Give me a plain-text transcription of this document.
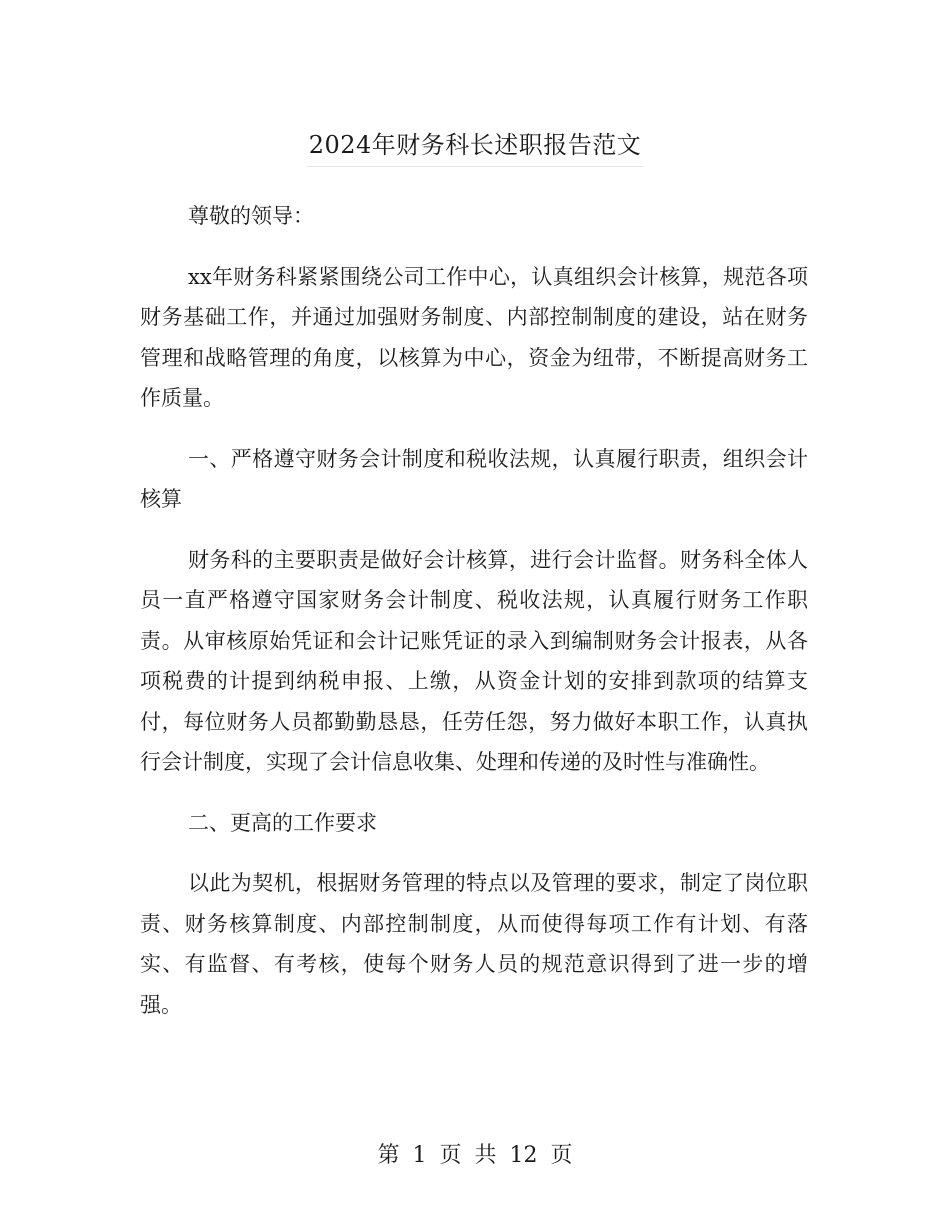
2024年财务科长述职报告范文

尊敬的领导：

xx年财务科紧紧围绕公司工作中心，认真组织会计核算，规范各项财务基础工作，并通过加强财务制度、内部控制制度的建设，站在财务管理和战略管理的角度，以核算为中心，资金为纽带，不断提高财务工作质量。

一、严格遵守财务会计制度和税收法规，认真履行职责，组织会计核算

财务科的主要职责是做好会计核算，进行会计监督。财务科全体人员一直严格遵守国家财务会计制度、税收法规，认真履行财务工作职责。从审核原始凭证和会计记账凭证的录入到编制财务会计报表，从各项税费的计提到纳税申报、上缴，从资金计划的安排到款项的结算支付，每位财务人员都勤勤恳恳，任劳任怨，努力做好本职工作，认真执行会计制度，实现了会计信息收集、处理和传递的及时性与准确性。

二、更高的工作要求

以此为契机，根据财务管理的特点以及管理的要求，制定了岗位职责、财务核算制度、内部控制制度，从而使得每项工作有计划、有落实、有监督、有考核，使每个财务人员的规范意识得到了进一步的增强。

第 1 页 共 12 页
